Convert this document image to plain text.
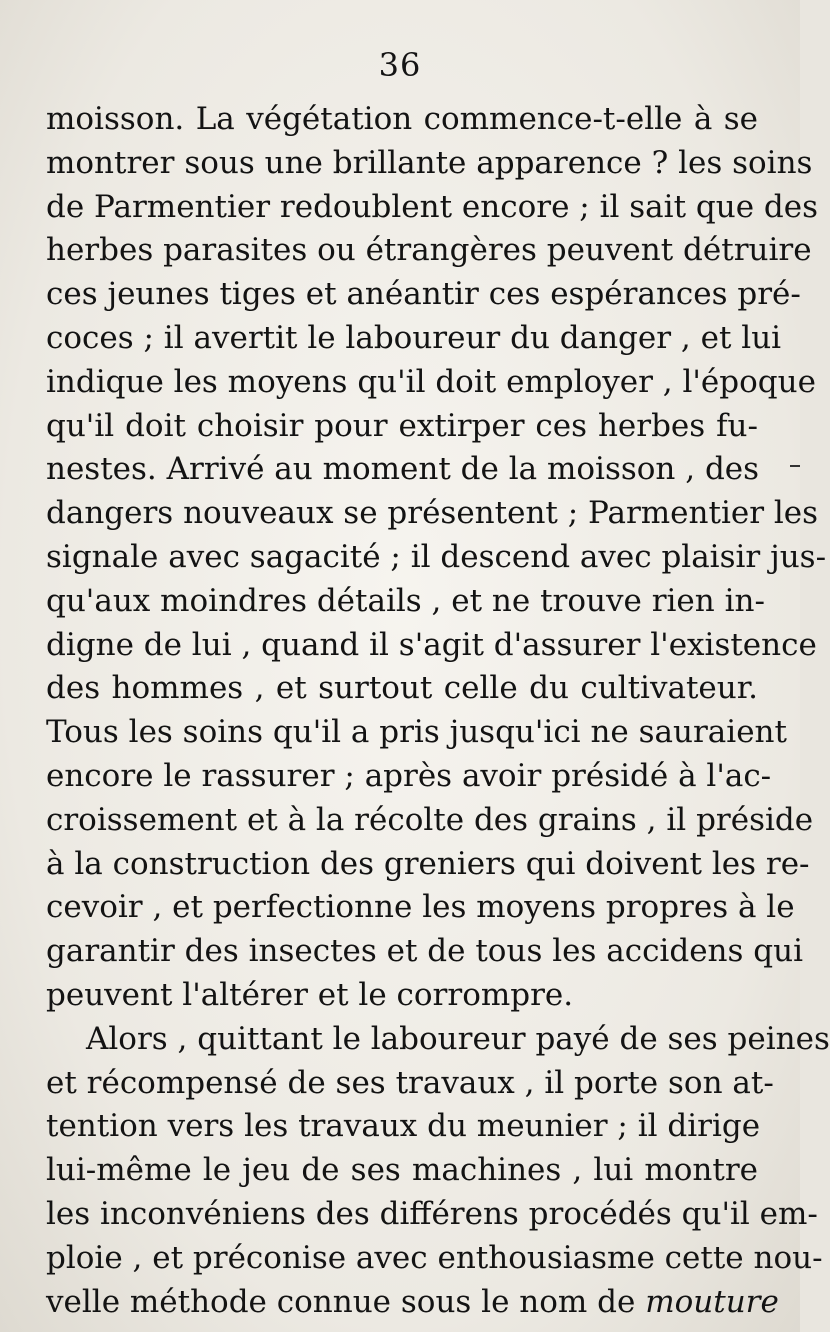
36
moisson. La végétation commence-t-elle à se
montrer sous une brillante apparence ? les soins
de Parmentier redoublent encore ; il sait que des
herbes parasites ou étrangères peuvent détruire
ces jeunes tiges et anéantir ces espérances pré-
coces ; il avertit le laboureur du danger , et lui
indique les moyens qu'il doit employer , l'époque
qu'il doit choisir pour extirper ces herbes fu-
nestes. Arrivé au moment de la moisson , des
dangers nouveaux se présentent ; Parmentier les
signale avec sagacité ; il descend avec plaisir jus-
qu'aux moindres détails , et ne trouve rien in-
digne de lui , quand il s'agit d'assurer l'existence
des hommes , et surtout celle du cultivateur.
Tous les soins qu'il a pris jusqu'ici ne sauraient
encore le rassurer ; après avoir présidé à l'ac-
croissement et à la récolte des grains , il préside
à la construction des greniers qui doivent les re-
cevoir , et perfectionne les moyens propres à le
garantir des insectes et de tous les accidens qui
peuvent l'altérer et le corrompre.
Alors , quittant le laboureur payé de ses peines
et récompensé de ses travaux , il porte son at-
tention vers les travaux du meunier ; il dirige
lui-même le jeu de ses machines , lui montre
les inconvéniens des différens procédés qu'il em-
ploie , et préconise avec enthousiasme cette nou-
velle méthode connue sous le nom de mouture
